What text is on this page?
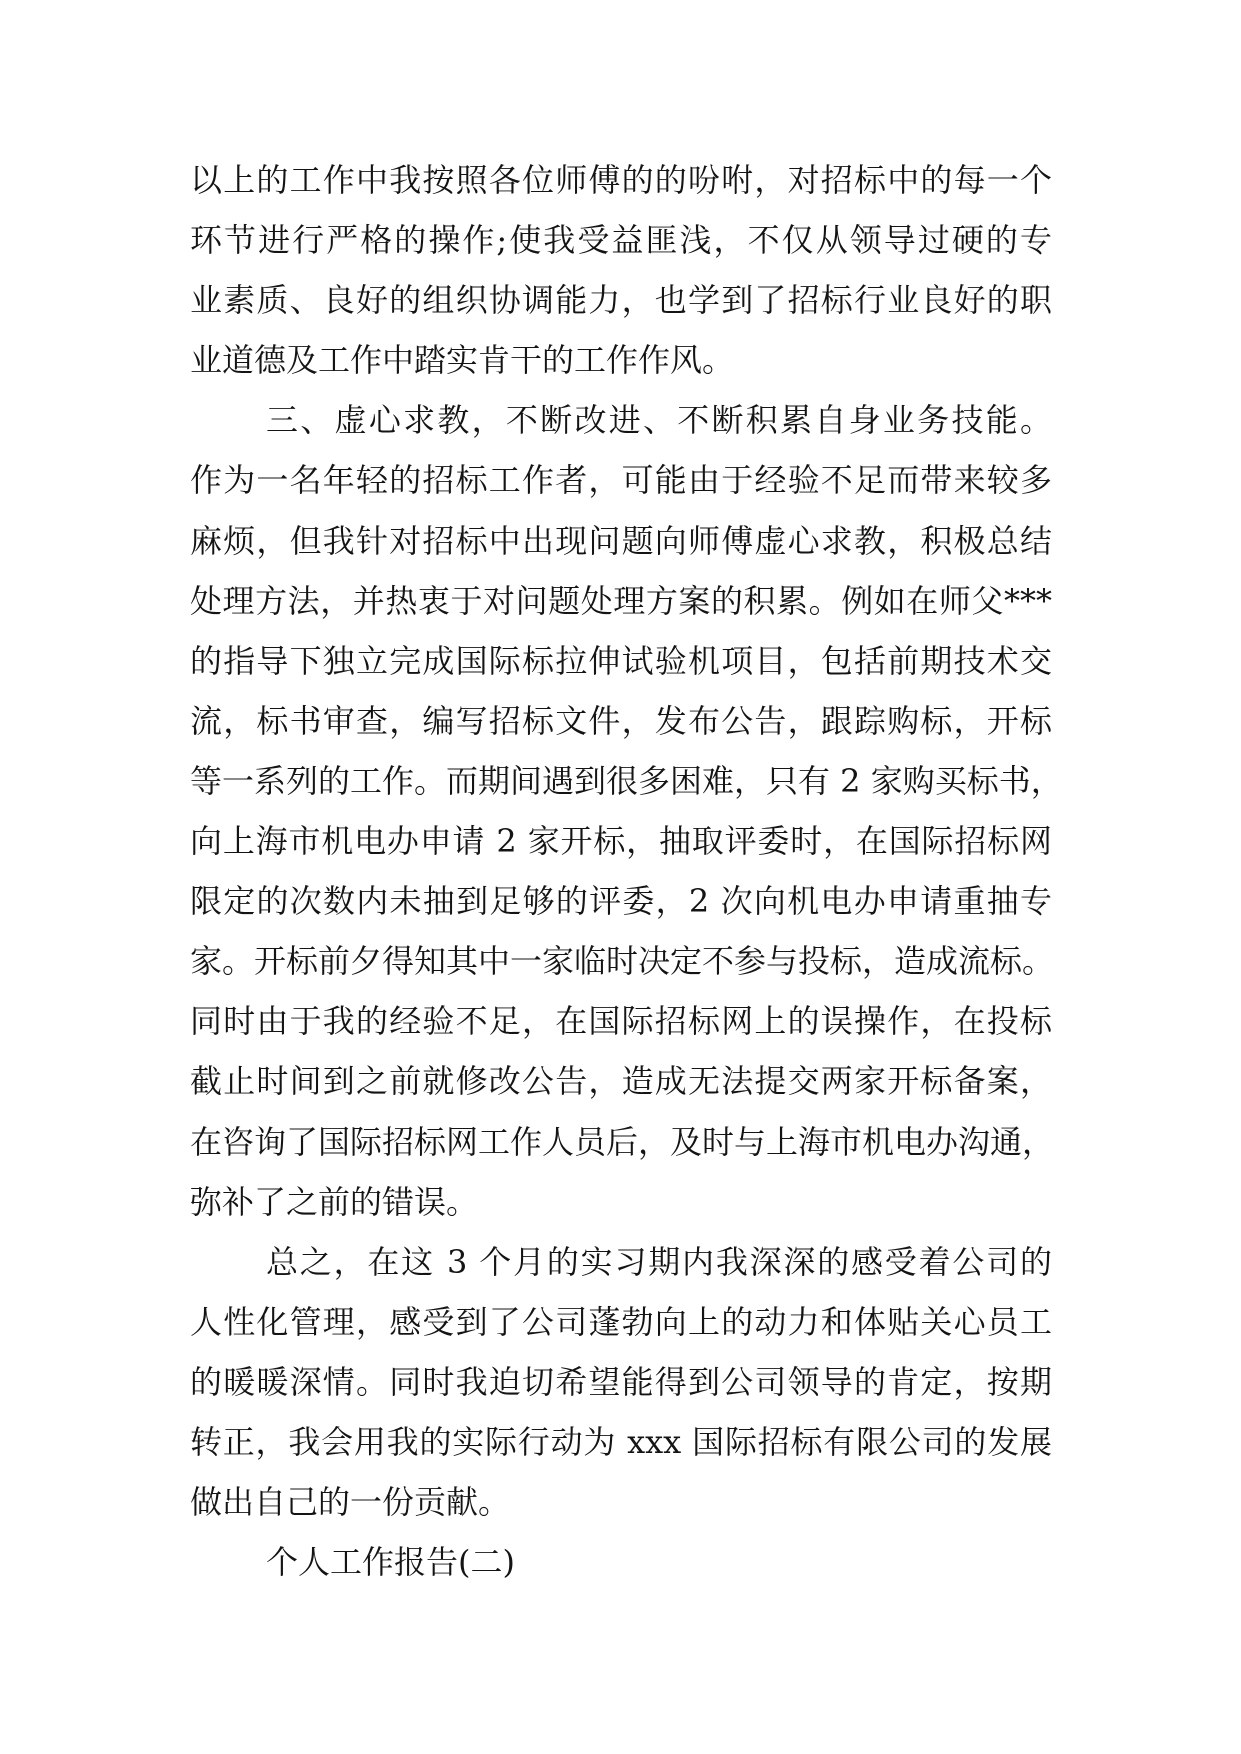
以上的工作中我按照各位师傅的的吩咐，对招标中的每一个
环节进行严格的操作;使我受益匪浅，不仅从领导过硬的专
业素质、良好的组织协调能力，也学到了招标行业良好的职
业道德及工作中踏实肯干的工作作风。
三、虚心求教，不断改进、不断积累自身业务技能。
作为一名年轻的招标工作者，可能由于经验不足而带来较多
麻烦，但我针对招标中出现问题向师傅虚心求教，积极总结
处理方法，并热衷于对问题处理方案的积累。例如在师父***
的指导下独立完成国际标拉伸试验机项目，包括前期技术交
流，标书审查，编写招标文件，发布公告，跟踪购标，开标
等一系列的工作。而期间遇到很多困难，只有 2 家购买标书，
向上海市机电办申请 2 家开标，抽取评委时，在国际招标网
限定的次数内未抽到足够的评委，2 次向机电办申请重抽专
家。开标前夕得知其中一家临时决定不参与投标，造成流标。
同时由于我的经验不足，在国际招标网上的误操作，在投标
截止时间到之前就修改公告，造成无法提交两家开标备案，
在咨询了国际招标网工作人员后，及时与上海市机电办沟通，
弥补了之前的错误。
总之，在这 3 个月的实习期内我深深的感受着公司的
人性化管理，感受到了公司蓬勃向上的动力和体贴关心员工
的暖暖深情。同时我迫切希望能得到公司领导的肯定，按期
转正，我会用我的实际行动为 xxx 国际招标有限公司的发展
做出自己的一份贡献。
个人工作报告(二)
